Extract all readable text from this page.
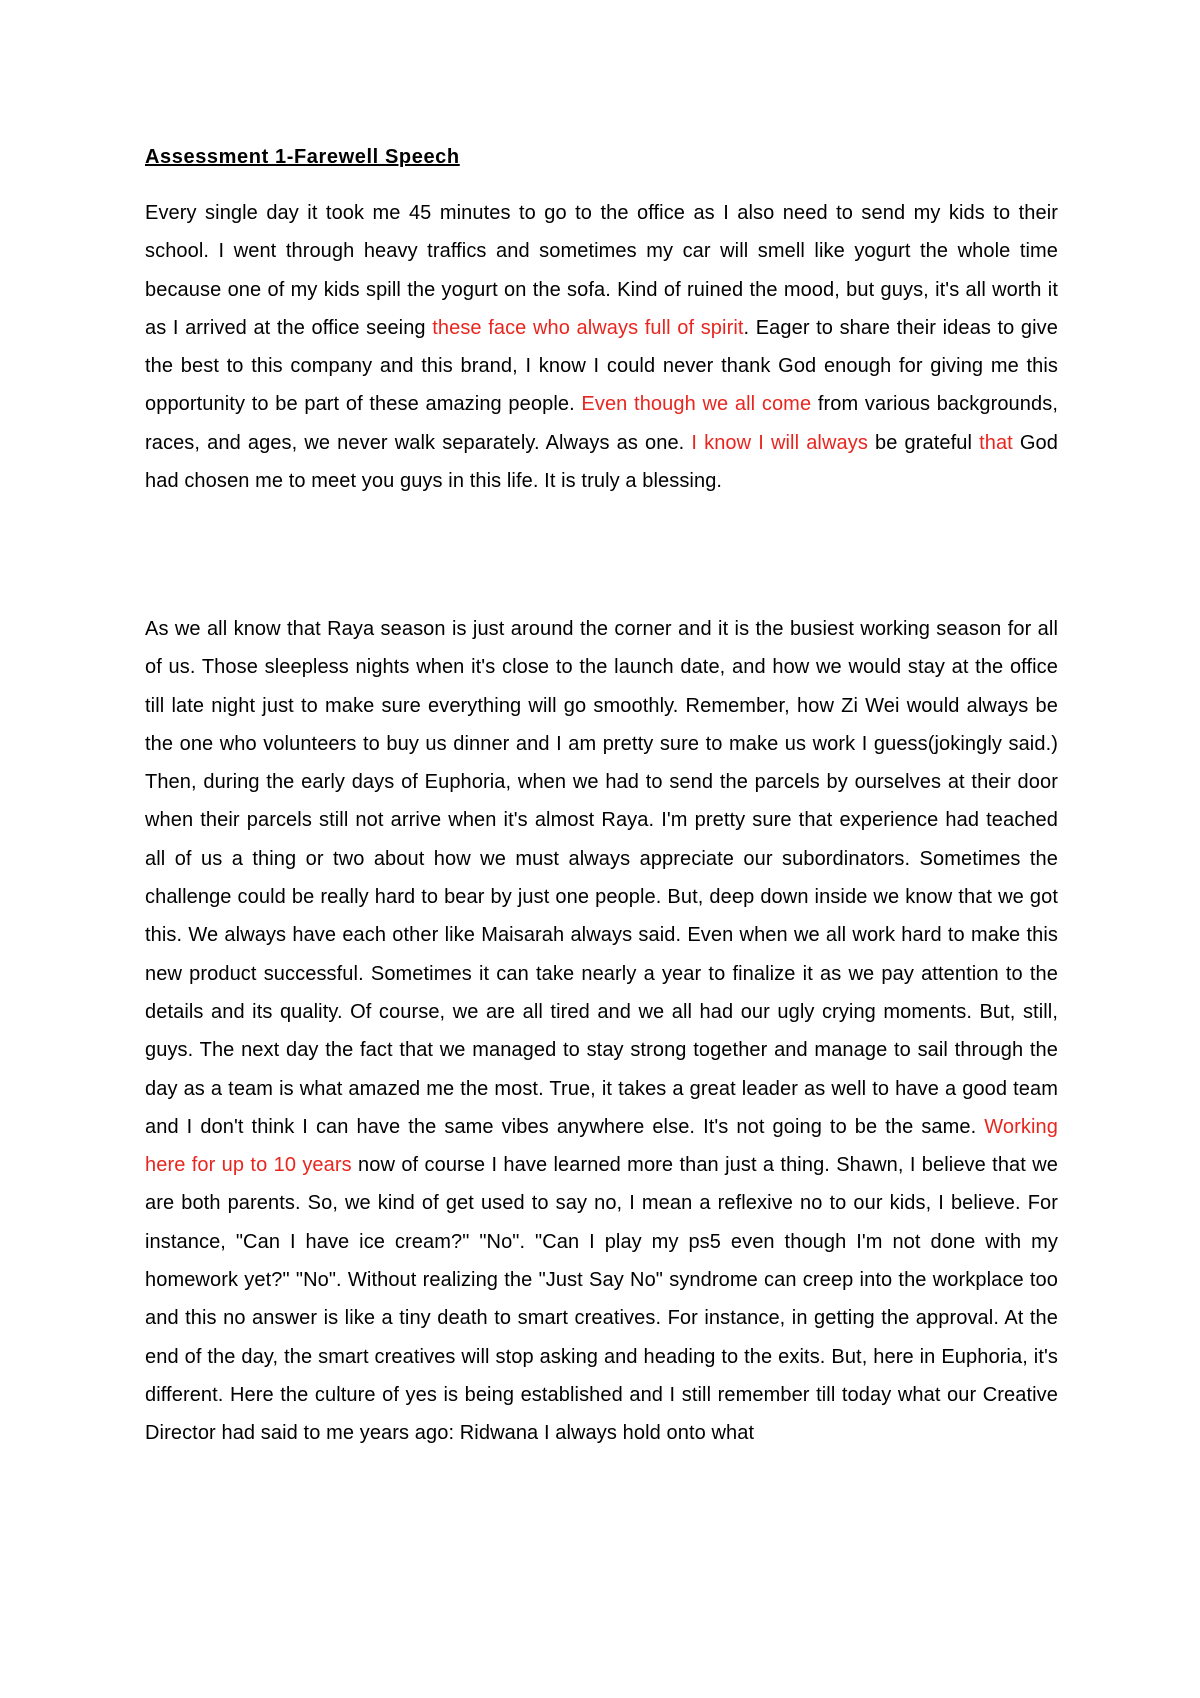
Assessment 1-Farewell Speech
Every single day it took me 45 minutes to go to the office as I also need to send my kids to their school. I went through heavy traffics and sometimes my car will smell like yogurt the whole time because one of my kids spill the yogurt on the sofa. Kind of ruined the mood, but guys, it's all worth it as I arrived at the office seeing these face who always full of spirit. Eager to share their ideas to give the best to this company and this brand, I know I could never thank God enough for giving me this opportunity to be part of these amazing people. Even though we all come from various backgrounds, races, and ages, we never walk separately. Always as one. I know I will always be grateful that God had chosen me to meet you guys in this life. It is truly a blessing.
As we all know that Raya season is just around the corner and it is the busiest working season for all of us. Those sleepless nights when it's close to the launch date, and how we would stay at the office till late night just to make sure everything will go smoothly. Remember, how Zi Wei would always be the one who volunteers to buy us dinner and I am pretty sure to make us work I guess(jokingly said.) Then, during the early days of Euphoria, when we had to send the parcels by ourselves at their door when their parcels still not arrive when it's almost Raya. I'm pretty sure that experience had teached all of us a thing or two about how we must always appreciate our subordinators. Sometimes the challenge could be really hard to bear by just one people. But, deep down inside we know that we got this. We always have each other like Maisarah always said. Even when we all work hard to make this new product successful. Sometimes it can take nearly a year to finalize it as we pay attention to the details and its quality. Of course, we are all tired and we all had our ugly crying moments. But, still, guys. The next day the fact that we managed to stay strong together and manage to sail through the day as a team is what amazed me the most. True, it takes a great leader as well to have a good team and I don't think I can have the same vibes anywhere else. It's not going to be the same. Working here for up to 10 years now of course I have learned more than just a thing. Shawn, I believe that we are both parents. So, we kind of get used to say no, I mean a reflexive no to our kids, I believe. For instance, "Can I have ice cream?" "No". "Can I play my ps5 even though I'm not done with my homework yet?" "No". Without realizing the "Just Say No" syndrome can creep into the workplace too and this no answer is like a tiny death to smart creatives. For instance, in getting the approval. At the end of the day, the smart creatives will stop asking and heading to the exits. But, here in Euphoria, it's different. Here the culture of yes is being established and I still remember till today what our Creative Director had said to me years ago: Ridwana I always hold onto what
